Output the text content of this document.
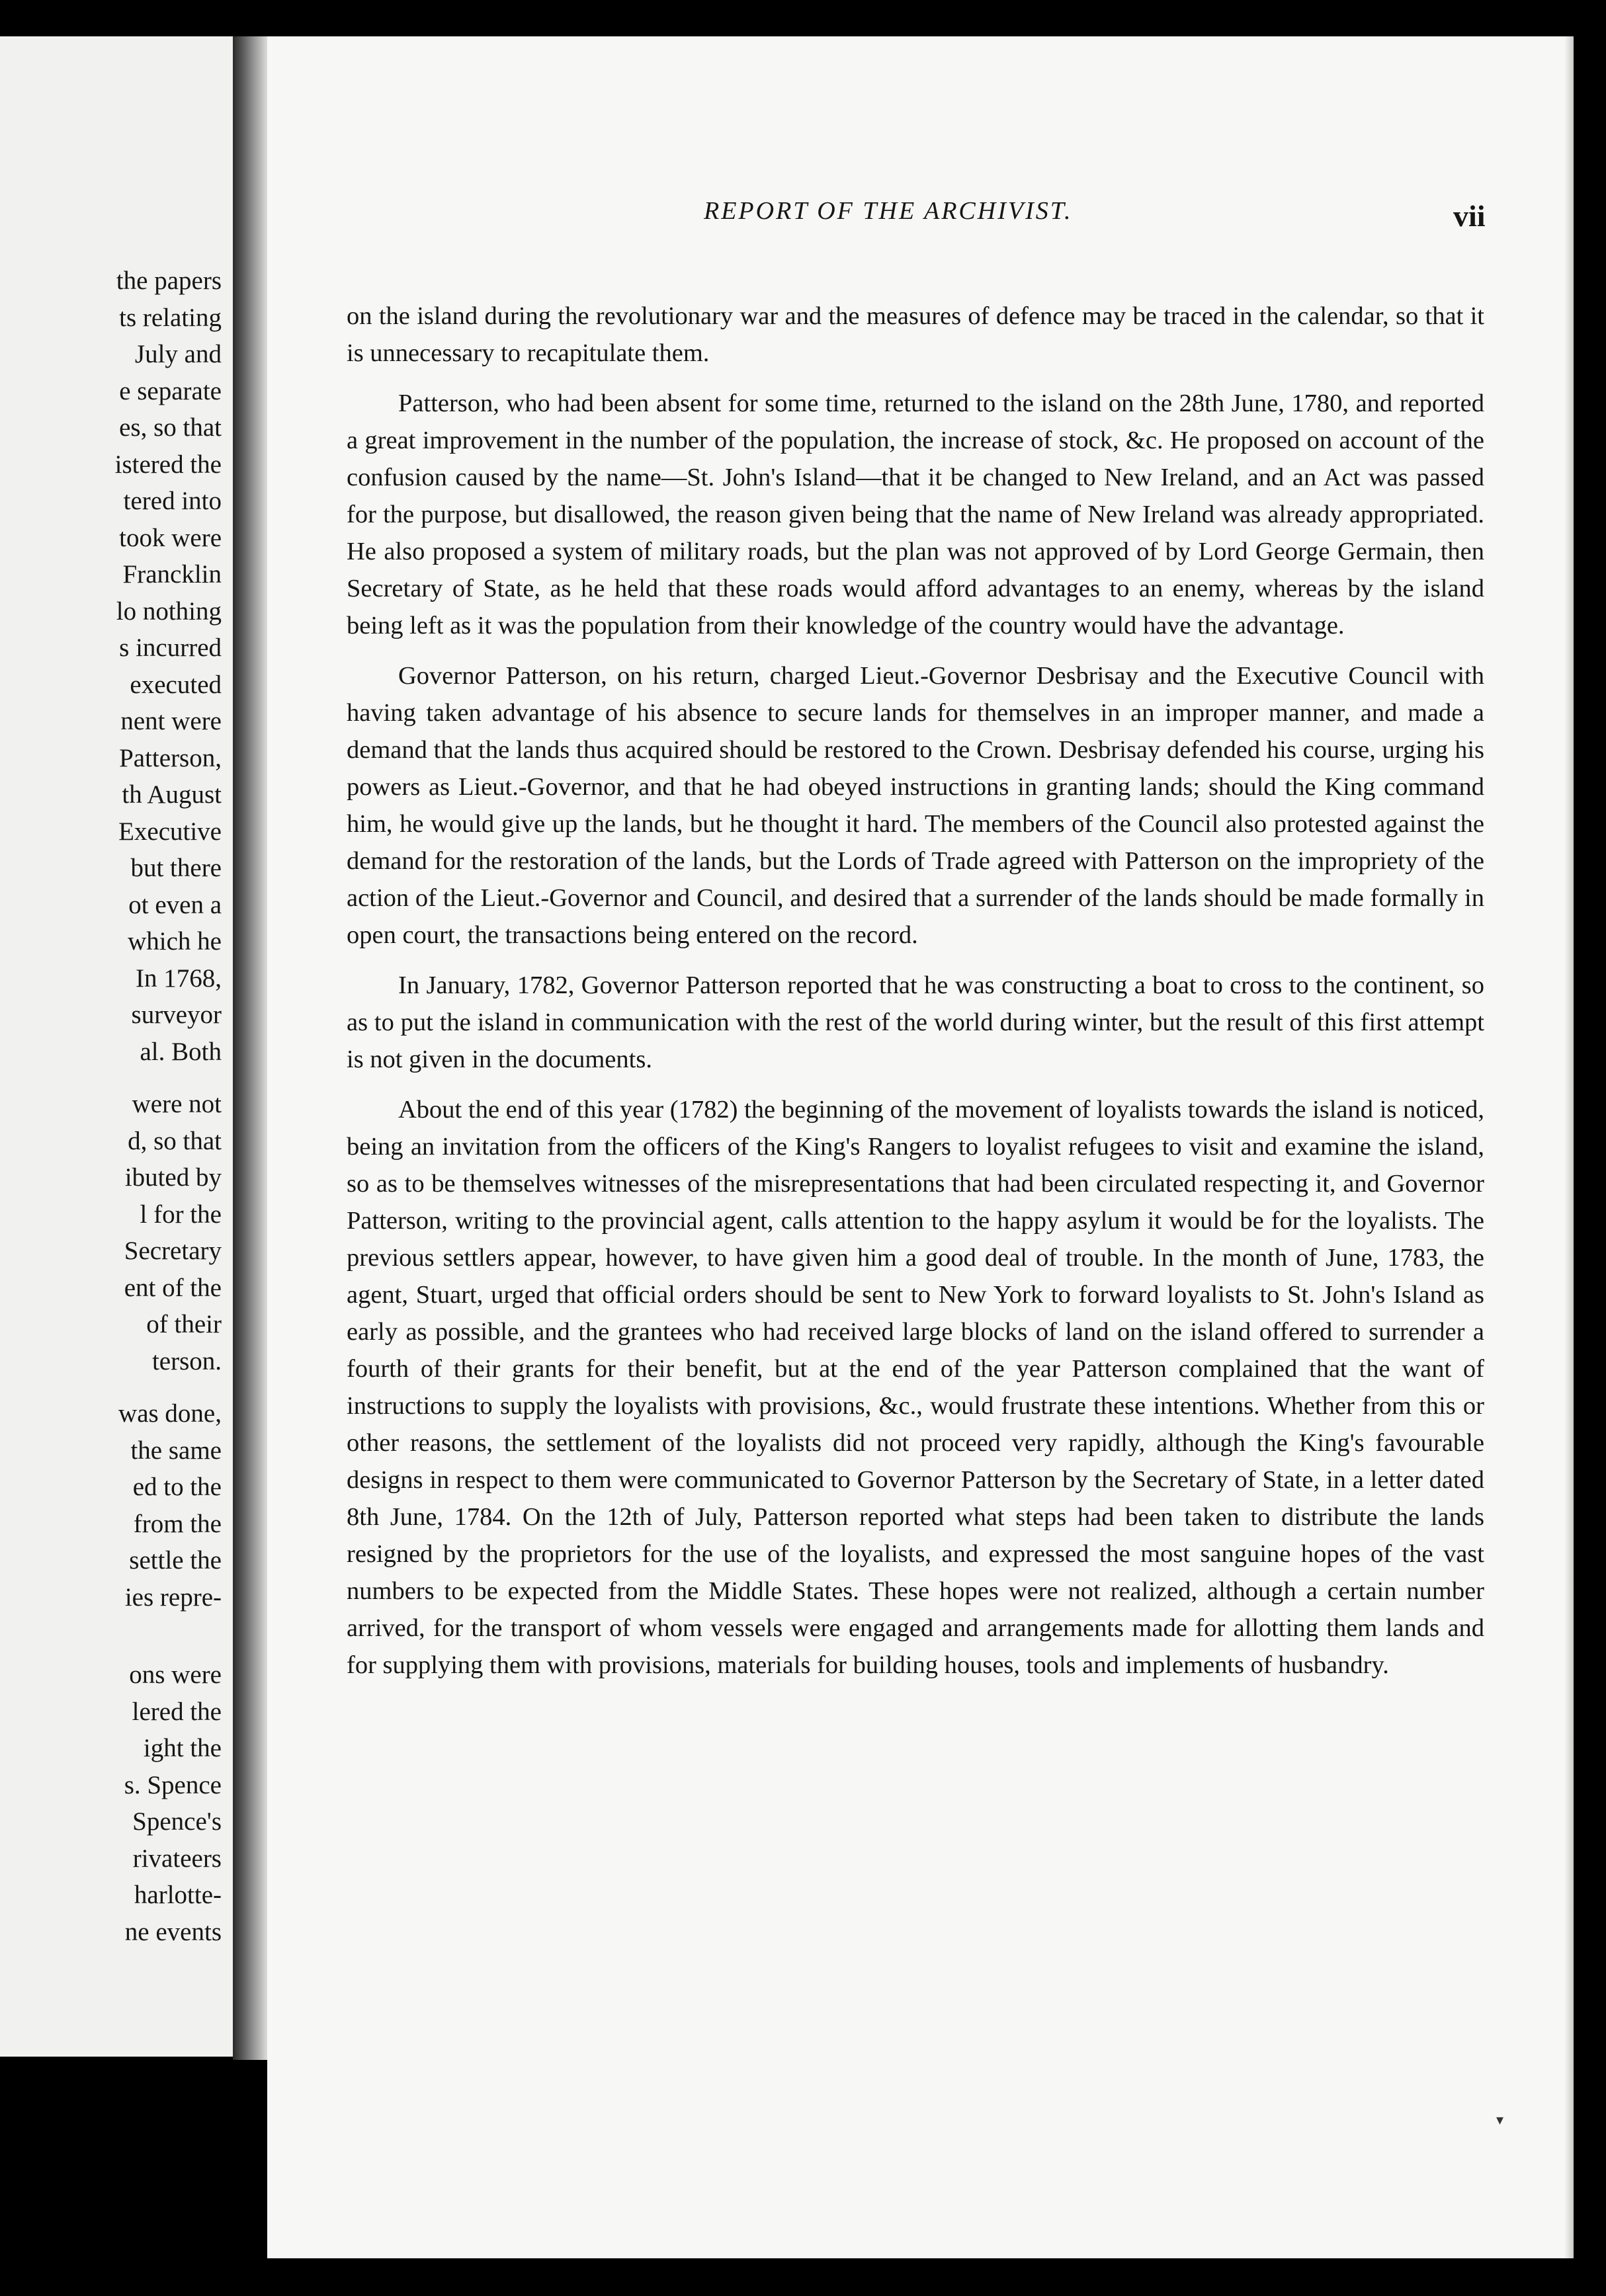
the papers
ts relating
July and
e separate
es, so that
istered the
tered into
took were
Francklin
lo nothing
s incurred
executed
nent were
Patterson,
th August
Executive
but there
ot even a
which he
In 1768,
surveyor
al. Both
were not
d, so that
ibuted by
l for the
Secretary
ent of the
of their
terson.
was done,
the same
ed to the
from the
settle the
ies repre-
ons were
lered the
ight the
s. Spence
Spence's
rivateers
harlotte-
ne events
REPORT OF THE ARCHIVIST.	vii

on the island during the revolutionary war and the measures of defence may be traced in the calendar, so that it is unnecessary to recapitulate them.

Patterson, who had been absent for some time, returned to the island on the 28th June, 1780, and reported a great improvement in the number of the population, the increase of stock, &c. He proposed on account of the confusion caused by the name—St. John's Island—that it be changed to New Ireland, and an Act was passed for the purpose, but disallowed, the reason given being that the name of New Ireland was already appropriated. He also proposed a system of military roads, but the plan was not approved of by Lord George Germain, then Secretary of State, as he held that these roads would afford advantages to an enemy, whereas by the island being left as it was the population from their knowledge of the country would have the advantage.

Governor Patterson, on his return, charged Lieut.-Governor Desbrisay and the Executive Council with having taken advantage of his absence to secure lands for themselves in an improper manner, and made a demand that the lands thus acquired should be restored to the Crown. Desbrisay defended his course, urging his powers as Lieut.-Governor, and that he had obeyed instructions in granting lands; should the King command him, he would give up the lands, but he thought it hard. The members of the Council also protested against the demand for the restoration of the lands, but the Lords of Trade agreed with Patterson on the impropriety of the action of the Lieut.-Governor and Council, and desired that a surrender of the lands should be made formally in open court, the transactions being entered on the record.

In January, 1782, Governor Patterson reported that he was constructing a boat to cross to the continent, so as to put the island in communication with the rest of the world during winter, but the result of this first attempt is not given in the documents.

About the end of this year (1782) the beginning of the movement of loyalists towards the island is noticed, being an invitation from the officers of the King's Rangers to loyalist refugees to visit and examine the island, so as to be themselves witnesses of the misrepresentations that had been circulated respecting it, and Governor Patterson, writing to the provincial agent, calls attention to the happy asylum it would be for the loyalists. The previous settlers appear, however, to have given him a good deal of trouble. In the month of June, 1783, the agent, Stuart, urged that official orders should be sent to New York to forward loyalists to St. John's Island as early as possible, and the grantees who had received large blocks of land on the island offered to surrender a fourth of their grants for their benefit, but at the end of the year Patterson complained that the want of instructions to supply the loyalists with provisions, &c., would frustrate these intentions. Whether from this or other reasons, the settlement of the loyalists did not proceed very rapidly, although the King's favourable designs in respect to them were communicated to Governor Patterson by the Secretary of State, in a letter dated 8th June, 1784. On the 12th of July, Patterson reported what steps had been taken to distribute the lands resigned by the proprietors for the use of the loyalists, and expressed the most sanguine hopes of the vast numbers to be expected from the Middle States. These hopes were not realized, although a certain number arrived, for the transport of whom vessels were engaged and arrangements made for allotting them lands and for supplying them with provisions, materials for building houses, tools and implements of husbandry.

▾
